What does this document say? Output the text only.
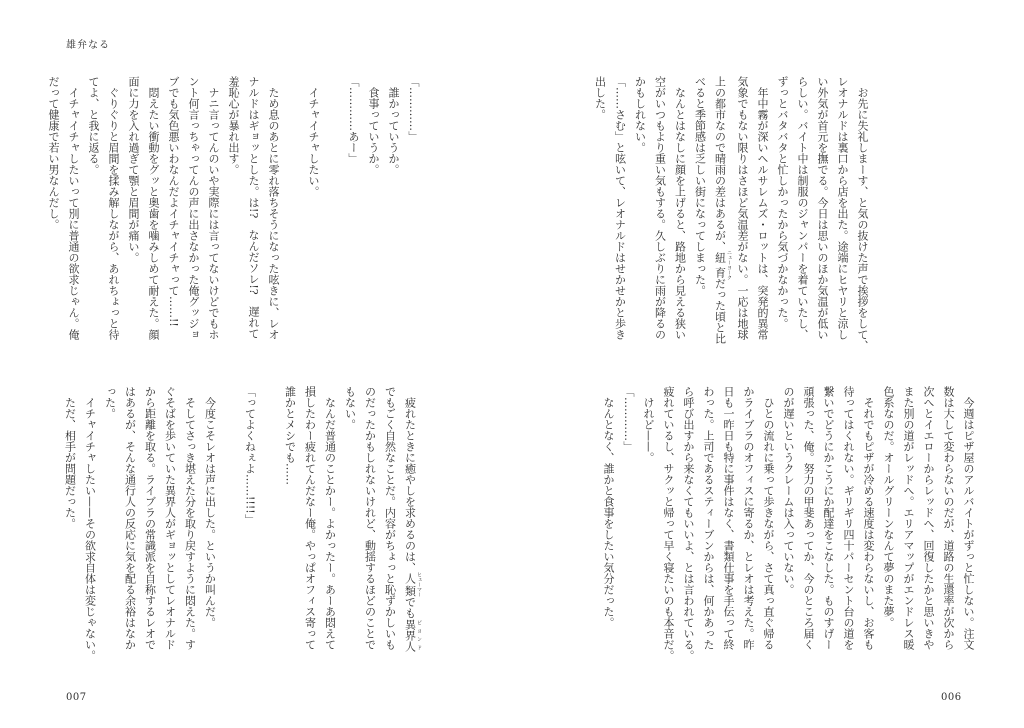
雄弁なる
　お先に失礼しまーす、と気の抜けた声で挨拶をして、
レオナルドは裏口から店を出た。途端にヒヤリと涼し
い外気が首元を撫でる。今日は思いのほか気温が低い
らしい。バイト中は制服のジャンパーを着ていたし、
ずっとバタバタと忙しかったから気づかなかった。
　年中霧が深いヘルサレムズ・ロットは、突発的異常
気象でもない限りはさほど気温差がない。一応は地球
上の都市なので晴雨の差はあるが、紐育 ニューヨークだった頃と比
べると季節感は乏しい街になってしまった。
　なんとはなしに顔を上げると、路地から見える狭い
空がいつもより重い気もする。久しぶりに雨が降るの
かもしれない。
「……さむ」と呟いて、レオナルドはせかせかと歩き
出した。
　今週はピザ屋のアルバイトがずっと忙しない。注文
数は大して変わらないのだが、道路の生還率が次から
次へとイエローからレッドへ、回復したかと思いきや
また別の道がレッドへ。エリアマップがエンドレス暖
色系なのだ。オールグリーンなんて夢のまた夢。
　それでもピザが冷める速度は変わらないし、お客も
待ってはくれない。ギリギリ四十パーセント台の道を
繋いでどうにかこうにか配達をこなした。ものすげー
頑張った、俺。努力の甲斐あってか、今のところ届く
のが遅いというクレームは入っていない。
　ひとの流れに乗って歩きながら、さて真っ直ぐ帰る
かライブラのオフィスに寄るか、とレオは考えた。昨
日も一昨日も特に事件はなく、書類仕事を手伝って終
わった。上司であるスティーブンからは、何かあった
ら呼び出すから来なくてもいいよ、とは言われている。
疲れているし、サクッと帰って早く寝たいのも本音だ。
　けれど——。
「…………」
　なんとなく、誰かと食事をしたい気分だった。
「…………」
　誰かっていうか。
　食事っていうか。
「…………あー」
　イチャイチャしたい。
　ため息のあとに零れ落ちそうになった呟きに、レオ
ナルドはギョッとした。は!?　なんだソレ!?　遅れて
羞恥心が暴れ出す。
　ナニ言ってんのいや実際には言ってないけどでもホ
ント何言っちゃってんの声に出さなかった俺グッジョ
ブでも気色悪いわなんだよイチャイチャって……!!
　悶えたい衝動をグッと奥歯を噛みしめて耐えた。顔
面に力を入れ過ぎて顎と眉間が痛い。
　ぐりぐりと眉間を揉み解しながら、あれちょっと待
てよ、と我に返る。
　イチャイチャしたいって別に普通の欲求じゃん。俺
だって健康で若い男なんだし。
　疲れたときに癒やしを求めるのは、人類 ヒューマーでも異界人 ビヨンド
でもごく自然なことだ。内容がちょっと恥ずかしいも
のだったかもしれないけれど、動揺するほどのことで
もない。
　なんだ普通のことかー。よかったー。あーあ悶えて
損したわー疲れてんだなー俺。やっぱオフィス寄って
誰かとメシでも……
「ってよくねぇよ……!!!!」
　今度こそレオは声に出した。というか叫んだ。
　そしてさっき堪えた分を取り戻すように悶えた。す
ぐそばを歩いていた異界人がギョッとしてレオナルド
から距離を取る。ライブラの常識派を自称するレオで
はあるが、そんな通行人の反応に気を配る余裕はなか
った。
　イチャイチャしたい——その欲求自体は変じゃない。
　ただ、相手が問題だった。
007	006
